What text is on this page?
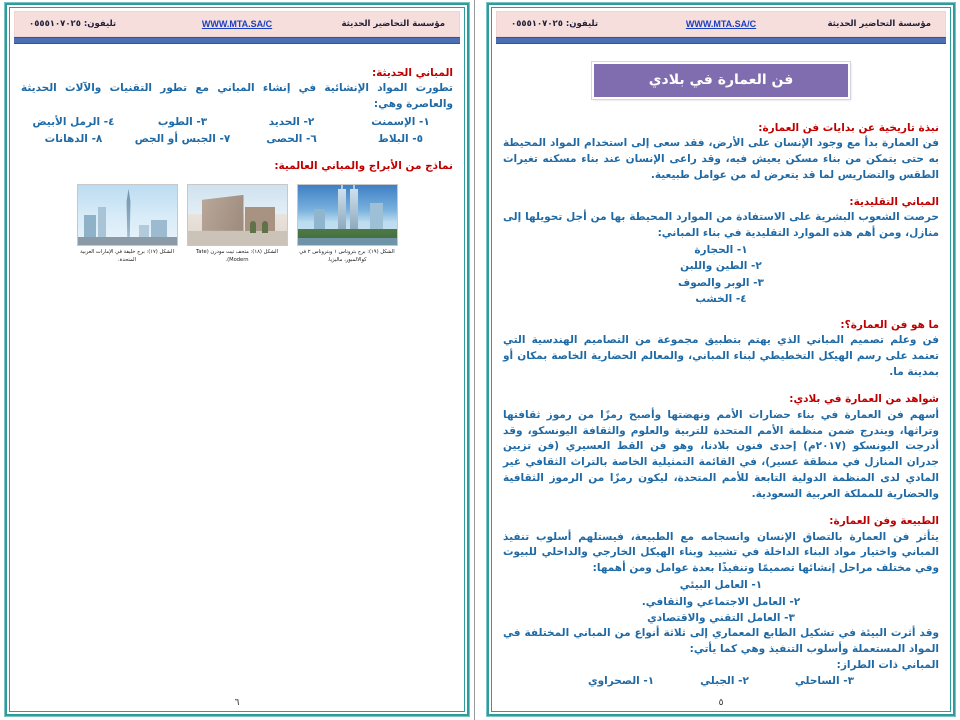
مؤسسة التحاضير الحديثة
WWW.MTA.SA/C
تليفون: ٠٥٥٥١٠٧٠٢٥
فن العمارة في بلادي
نبذة تاريخية عن بدايات فن العمارة:

فن العمارة بدأ مع وجود الإنسان على الأرض، فقد سعى إلى استخدام المواد المحيطة به حتى يتمكن من بناء مسكن يعيش فيه، وقد راعى الإنسان عند بناء مسكنه تغيرات الطقس والتضاريس لما قد يتعرض له من عوامل طبيعية.

المباني التقليدية:

حرصت الشعوب البشرية على الاستفادة من الموارد المحيطة بها من أجل تحويلها إلى منازل، ومن أهم هذه الموارد التقليدية في بناء المباني:

١- الحجارة
٢- الطين واللبن
٣- الوبر والصوف
٤- الخشب
ما هو فن العمارة؟:

فن وعلم تصميم المباني الذي يهتم بتطبيق مجموعة من التصاميم الهندسية التي تعتمد على رسم الهيكل التخطيطي لبناء المباني، والمعالم الحضارية الخاصة بمكان أو بمدينة ما.

شواهد من العمارة في بلادي:

أسهم فن العمارة في بناء حضارات الأمم ونهضتها وأصبح رمزًا من رموز ثقافتها وتراثها، ويندرج ضمن منظمة الأمم المتحدة للتربية والعلوم والثقافة اليونسكو، وقد أدرجت اليونسكو (٢٠١٧م) إحدى فنون بلادنا، وهو فن القط العسيري (فن تزيين جدران المنازل في منطقة عسير)، في القائمة التمثيلية الخاصة بالتراث الثقافي غير المادي لدى المنظمة الدولية التابعة للأمم المتحدة، ليكون رمزًا من الرموز الثقافية والحضارية للمملكة العربية السعودية.

الطبيعة وفن العمارة:

يتأثر فن العمارة بالتصاق الإنسان وانسجامه مع الطبيعة، فيستلهم أسلوب تنفيذ المباني واختيار مواد البناء الداخلة في تشييد وبناء الهيكل الخارجي والداخلي للبيوت وفي مختلف مراحل إنشائها تصميمًا وتنفيذًا بعدة عوامل ومن أهمها:

١- العامل البيئي
٢- العامل الاجتماعي والثقافي.
٣- العامل التقني والاقتصادي

وقد أثرت البيئة في تشكيل الطابع المعماري إلى ثلاثة أنواع من المباني المختلفة في المواد المستعملة وأسلوب التنفيذ وهي كما يأتي:

المباني ذات الطراز:

٣- الساحلي
٢- الجبلي
١- الصحراوي
٥
مؤسسة التحاضير الحديثة
WWW.MTA.SA/C
تليفون: ٠٥٥٥١٠٧٠٢٥
المباني الحديثة:

تطورت المواد الإنشائية في إنشاء المباني مع تطور التقنيات والآلات الحديثة والعاصرة وهي:

١- الإسمنت
٢- الحديد
٣- الطوب
٤- الرمل الأبيض
٥- البلاط
٦- الحصى
٧- الجبس أو الجص
٨- الدهانات
نماذج من الأبراج والمباني العالمية:
الشكل (١٩): برج بتروناس ١ وبتروناس ٢ في كوالالمبور، ماليزيا.
الشكل (١٨): متحف تيت مودرن (Tate Modern).
الشكل (١٧): برج خليفة في الإمارات العربية المتحدة.
٦
